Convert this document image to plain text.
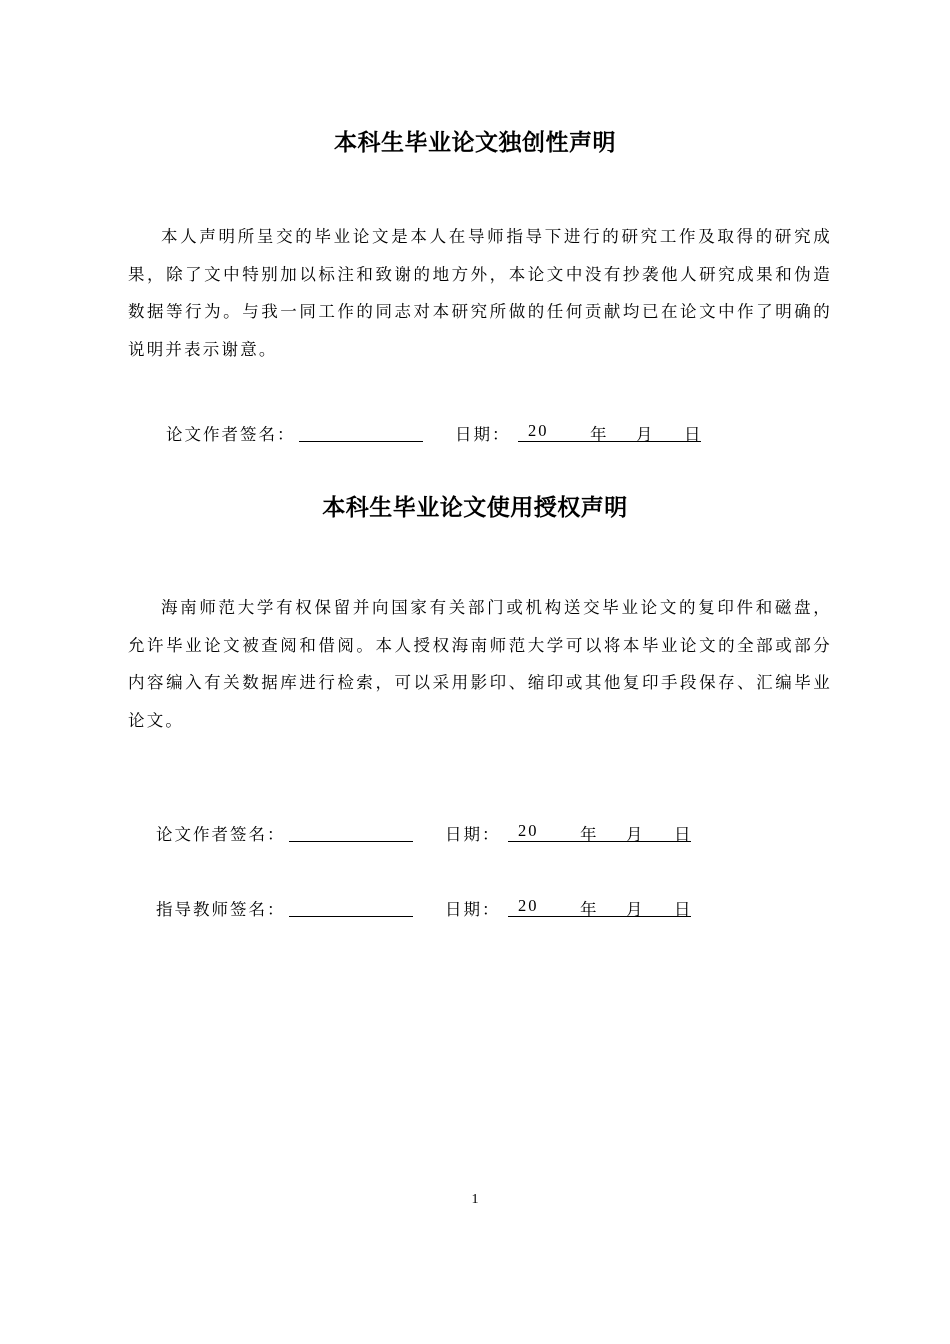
本科生毕业论文独创性声明

本人声明所呈交的毕业论文是本人在导师指导下进行的研究工作及取得的研究成果，除了文中特别加以标注和致谢的地方外，本论文中没有抄袭他人研究成果和伪造数据等行为。与我一同工作的同志对本研究所做的任何贡献均已在论文中作了明确的说明并表示谢意。

论文作者签名：	日期： 20	年 月 日
本科生毕业论文使用授权声明

海南师范大学有权保留并向国家有关部门或机构送交毕业论文的复印件和磁盘，允许毕业论文被查阅和借阅。本人授权海南师范大学可以将本毕业论文的全部或部分内容编入有关数据库进行检索，可以采用影印、缩印或其他复印手段保存、汇编毕业论文。

论文作者签名：	日期： 20	年 月 日
指导教师签名：	日期： 20	年 月 日
1
